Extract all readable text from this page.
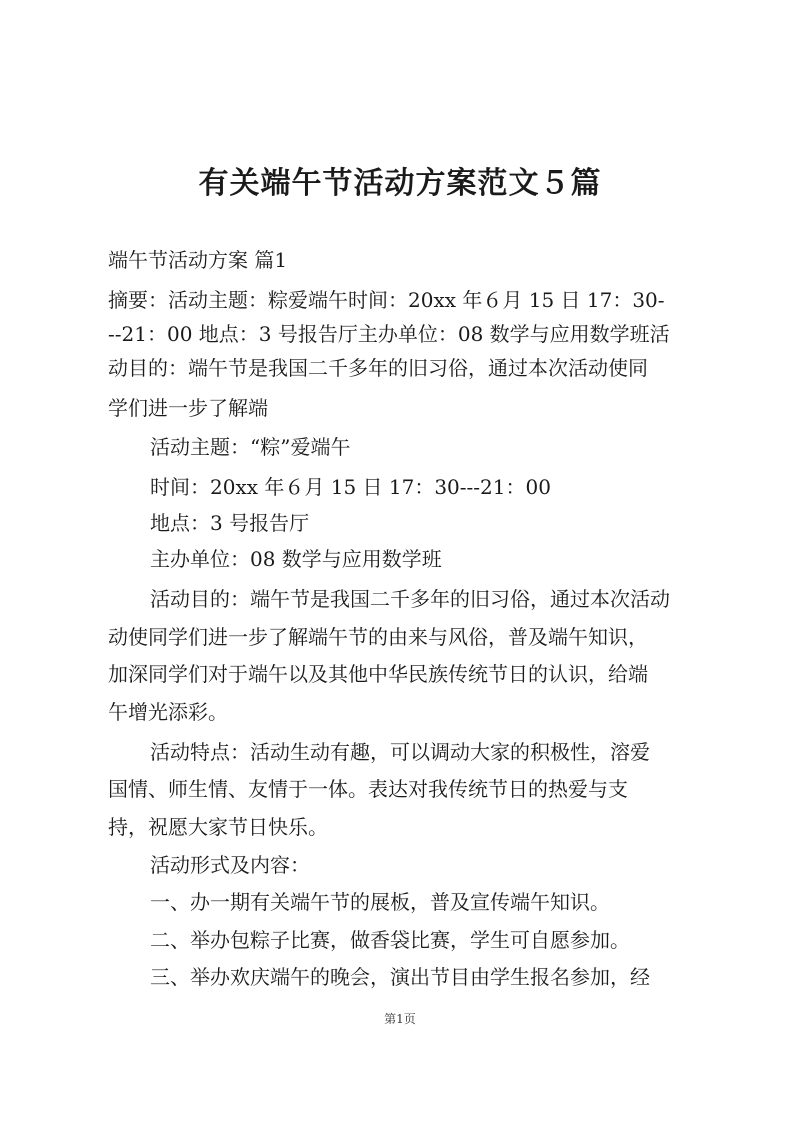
有关端午节活动方案范文５篇
端午节活动方案 篇1
摘要：活动主题：粽爱端午时间：20xx 年６月 15 日 17：30-
--21：00 地点：3 号报告厅主办单位：08 数学与应用数学班活
动目的：端午节是我国二千多年的旧习俗，通过本次活动使同
学们进一步了解端
活动主题：“粽”爱端午
时间：20xx 年６月 15 日 17：30---21：00
地点：3 号报告厅
主办单位：08 数学与应用数学班
活动目的：端午节是我国二千多年的旧习俗，通过本次活动
动使同学们进一步了解端午节的由来与风俗，普及端午知识，
加深同学们对于端午以及其他中华民族传统节日的认识，给端
午增光添彩。
活动特点：活动生动有趣，可以调动大家的积极性，溶爱
国情、师生情、友情于一体。表达对我传统节日的热爱与支
持，祝愿大家节日快乐。
活动形式及内容：
一、办一期有关端午节的展板，普及宣传端午知识。
二、举办包粽子比赛，做香袋比赛，学生可自愿参加。
三、举办欢庆端午的晚会，演出节目由学生报名参加，经
第1页
